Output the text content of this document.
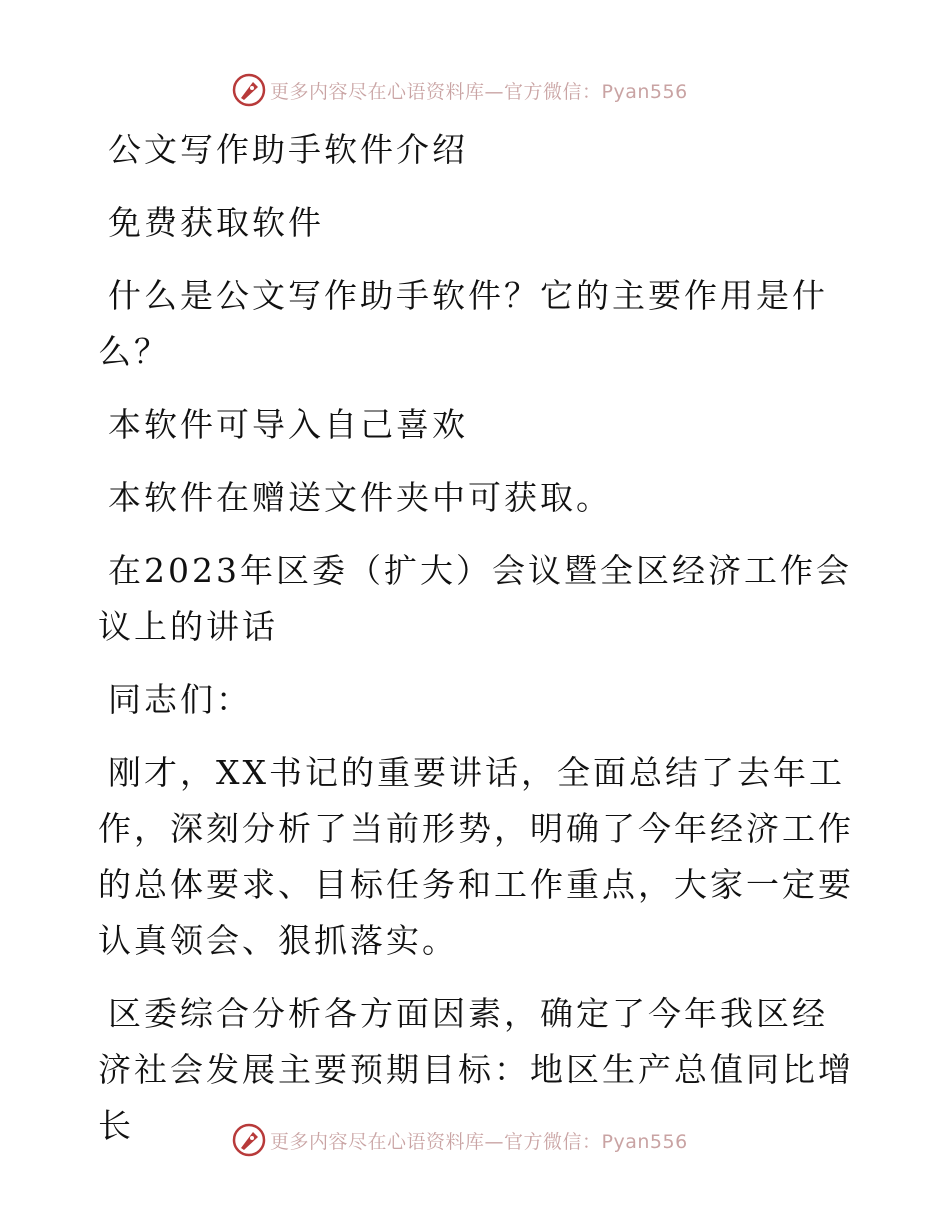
更多内容尽在心语资料库—官方微信：Pyan556

公文写作助手软件介绍

免费获取软件

什么是公文写作助手软件？它的主要作用是什么？

本软件可导入自己喜欢

本软件在赠送文件夹中可获取。

在2023年区委（扩大）会议暨全区经济工作会议上的讲话

同志们：

刚才，XX书记的重要讲话，全面总结了去年工作，深刻分析了当前形势，明确了今年经济工作的总体要求、目标任务和工作重点，大家一定要认真领会、狠抓落实。

区委综合分析各方面因素，确定了今年我区经济社会发展主要预期目标：地区生产总值同比增长	更多内容尽在心语资料库—官方微信：Pyan556
